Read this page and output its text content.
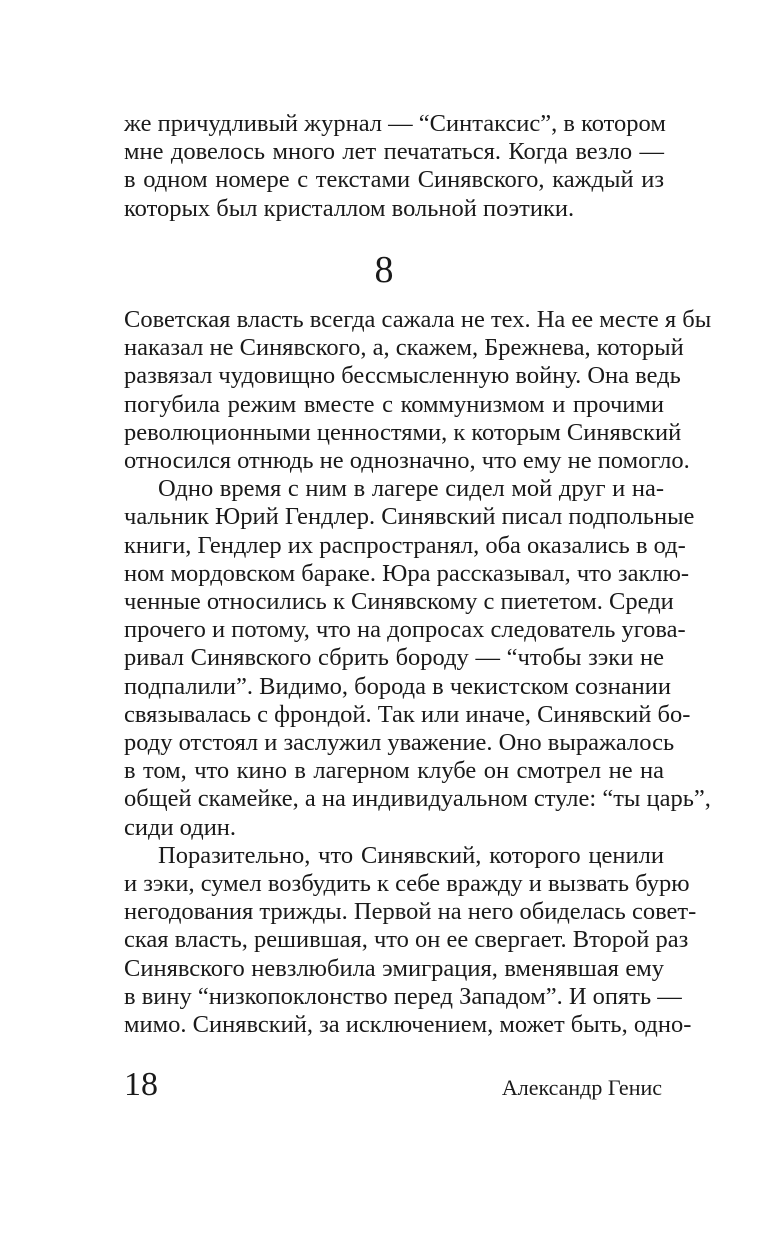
же причудливый журнал — “Синтаксис”, в котором
мне довелось много лет печататься. Когда везло —
в одном номере с текстами Синявского, каждый из
которых был кристаллом вольной поэтики.
8
Советская власть всегда сажала не тех. На ее месте я бы
наказал не Синявского, а, скажем, Брежнева, который
развязал чудовищно бессмысленную войну. Она ведь
погубила режим вместе с коммунизмом и прочими
революционными ценностями, к которым Синявский
относился отнюдь не однозначно, что ему не помогло.
Одно время с ним в лагере сидел мой друг и на-
чальник Юрий Гендлер. Синявский писал подпольные
книги, Гендлер их распространял, оба оказались в од-
ном мордовском бараке. Юра рассказывал, что заклю-
ченные относились к Синявскому с пиететом. Среди
прочего и потому, что на допросах следователь угова-
ривал Синявского сбрить бороду — “чтобы зэки не
подпалили”. Видимо, борода в чекистском сознании
связывалась с фрондой. Так или иначе, Синявский бо-
роду отстоял и заслужил уважение. Оно выражалось
в том, что кино в лагерном клубе он смотрел не на
общей скамейке, а на индивидуальном стуле: “ты царь”,
сиди один.
Поразительно, что Синявский, которого ценили
и зэки, сумел возбудить к себе вражду и вызвать бурю
негодования трижды. Первой на него обиделась совет-
ская власть, решившая, что он ее свергает. Второй раз
Синявского невзлюбила эмиграция, вменявшая ему
в вину “низкопоклонство перед Западом”. И опять —
мимо. Синявский, за исключением, может быть, одно-
18	Александр Генис
